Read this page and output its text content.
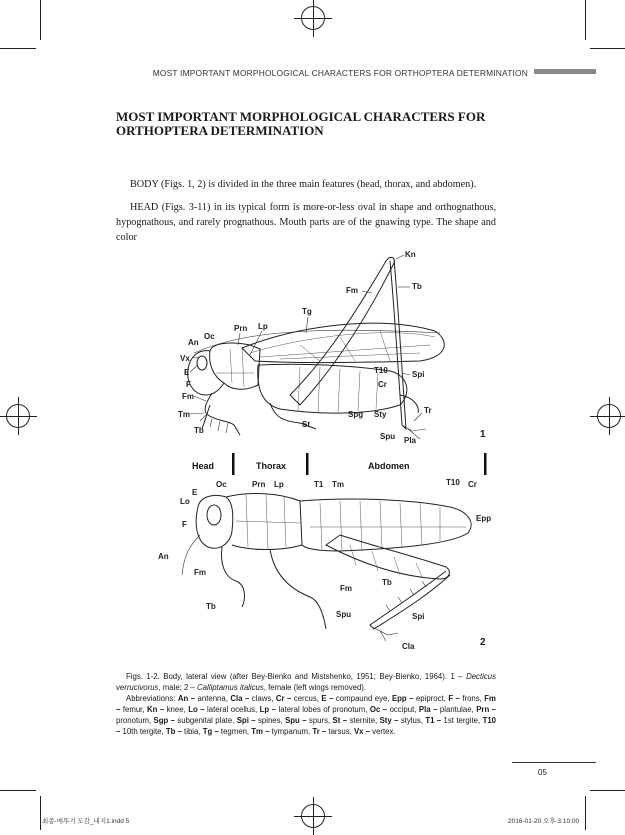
MOST IMPORTANT MORPHOLOGICAL CHARACTERS FOR ORTHOPTERA DETERMINATION
MOST IMPORTANT MORPHOLOGICAL CHARACTERS FOR ORTHOPTERA DETERMINATION

BODY (Figs. 1, 2) is divided in the three main features (head, thorax, and abdomen).

HEAD (Figs. 3-11) in its typical form is more-or-less oval in shape and orthognathous, hypognathous, and rarely prognathous. Mouth parts are of the gnawing type. The shape and color

Kn
Tb
Fm
Tg
Lp
Prn
Oc
An
Vx
E
F
Fm
Tm
Tb
St
Spg Sty
T10
Cr
Spi
Tr
Spu Pla
1
Head	Thorax	Abdomen
E
Oc	Prn Lp	T1 Tm	T10 Cr
Lo
Epp
F
An
Fm
Fm
Tb
Tb
Spu	Spi
Cla	2

Figs. 1-2. Body, lateral view (after Bey-Bienko and Mistshenko, 1951; Bey-Bienko, 1964). 1 – Decticus verrucivorus, male; 2 – Calliptamus italicus, female (left wings removed).

Abbreviations: An – antenna, Cla – claws, Cr – cercus, E – compaund eye, Epp – epiproct, F – frons, Fm – femur, Kn – knee, Lo – lateral ocellus, Lp – lateral lobes of pronotum, Oc – occiput, Pla – plantulae, Prn – pronotum, Sgp – subgenital plate, Spi – spines, Spu – spurs, St – sternite, Sty – stylus, T1 – 1st tergite, T10 – 10th tergite, Tb – tibia, Tg – tegmen, Tm – tympanum, Tr – tarsus, Vx – vertex.

05
최종-메뚜기 도감_내지1.indd 5	2016-01-20 오후 3:10:00
